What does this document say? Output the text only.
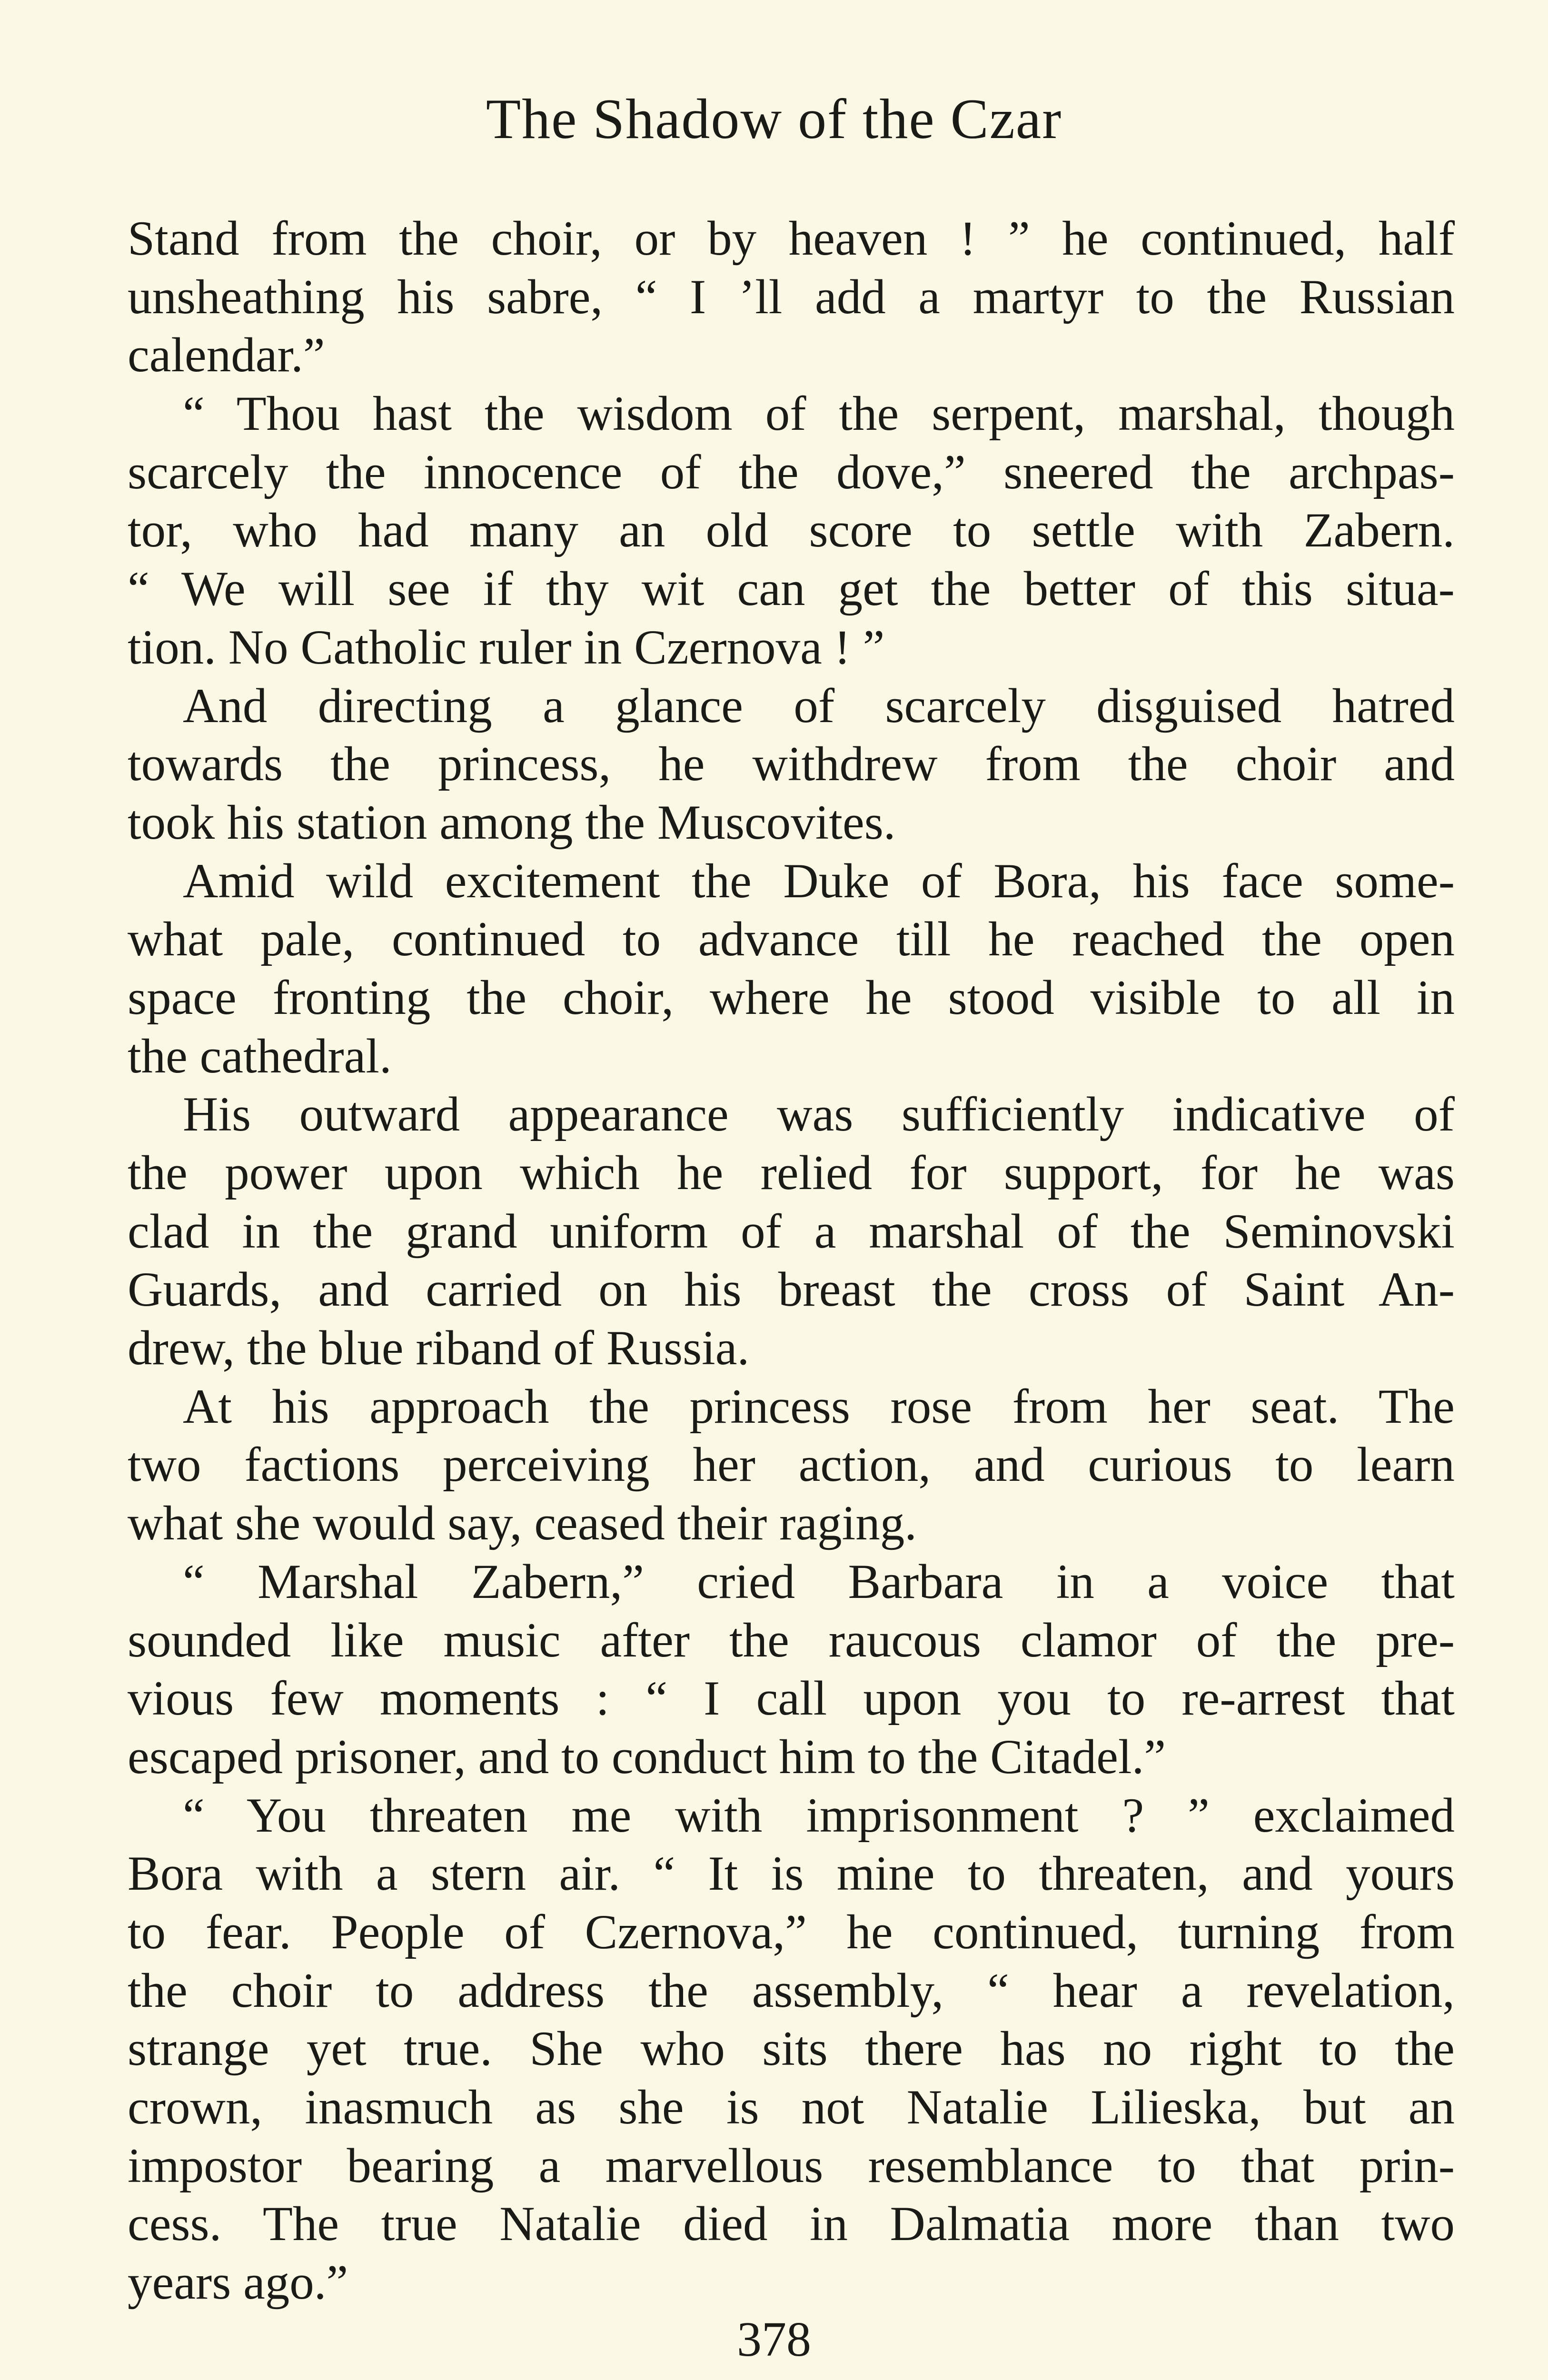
The Shadow of the Czar
Stand from the choir, or by heaven ! ” he continued, half
unsheathing his sabre, “ I ’ll add a martyr to the Russian
calendar.”
“ Thou hast the wisdom of the serpent, marshal, though
scarcely the innocence of the dove,” sneered the archpas-
tor, who had many an old score to settle with Zabern.
“ We will see if thy wit can get the better of this situa-
tion. No Catholic ruler in Czernova ! ”
And directing a glance of scarcely disguised hatred
towards the princess, he withdrew from the choir and
took his station among the Muscovites.
Amid wild excitement the Duke of Bora, his face some-
what pale, continued to advance till he reached the open
space fronting the choir, where he stood visible to all in
the cathedral.
His outward appearance was sufficiently indicative of
the power upon which he relied for support, for he was
clad in the grand uniform of a marshal of the Seminovski
Guards, and carried on his breast the cross of Saint An-
drew, the blue riband of Russia.
At his approach the princess rose from her seat. The
two factions perceiving her action, and curious to learn
what she would say, ceased their raging.
“ Marshal Zabern,” cried Barbara in a voice that
sounded like music after the raucous clamor of the pre-
vious few moments : “ I call upon you to re-arrest that
escaped prisoner, and to conduct him to the Citadel.”
“ You threaten me with imprisonment ? ” exclaimed
Bora with a stern air. “ It is mine to threaten, and yours
to fear. People of Czernova,” he continued, turning from
the choir to address the assembly, “ hear a revelation,
strange yet true. She who sits there has no right to the
crown, inasmuch as she is not Natalie Lilieska, but an
impostor bearing a marvellous resemblance to that prin-
cess. The true Natalie died in Dalmatia more than two
years ago.”
378
